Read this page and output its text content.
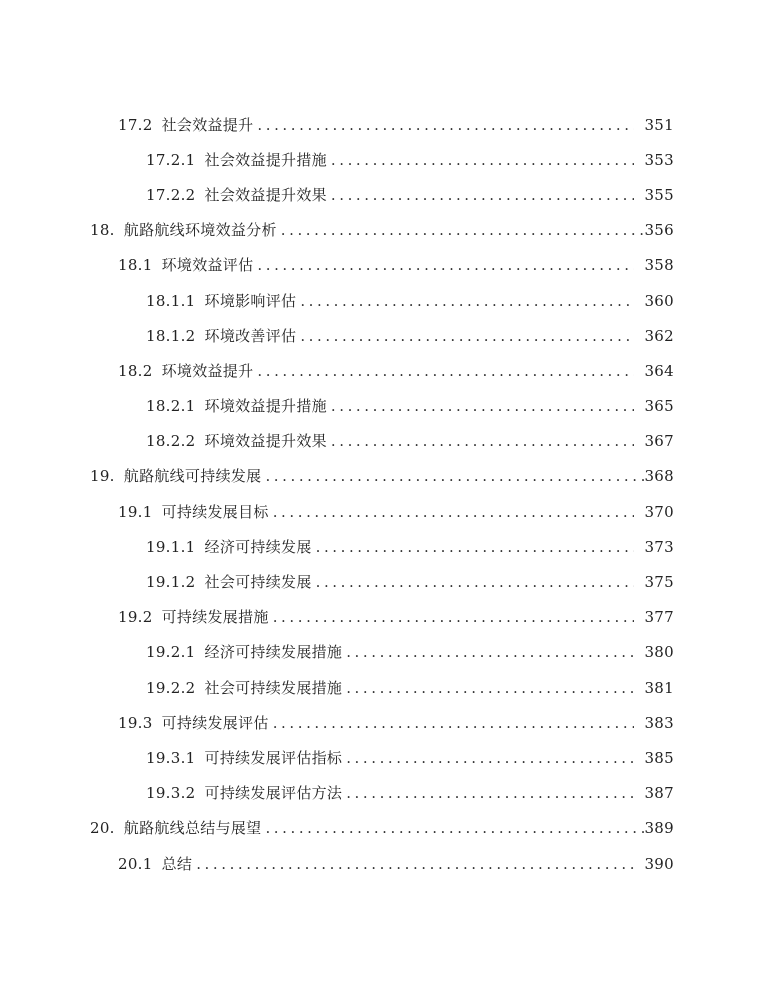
17.2 社会效益提升 . . .	351
17.2.1 社会效益提升措施 . . .	353
17.2.2 社会效益提升效果 . . .	355
18. 航路航线环境效益分析 . . .	356
18.1 环境效益评估 . . .	358
18.1.1 环境影响评估 . . .	360
18.1.2 环境改善评估 . . .	362
18.2 环境效益提升 . . .	364
18.2.1 环境效益提升措施 . . .	365
18.2.2 环境效益提升效果 . . .	367
19. 航路航线可持续发展 . . .	368
19.1 可持续发展目标 . . .	370
19.1.1 经济可持续发展 . . .	373
19.1.2 社会可持续发展 . . .	375
19.2 可持续发展措施 . . .	377
19.2.1 经济可持续发展措施 . . .	380
19.2.2 社会可持续发展措施 . . .	381
19.3 可持续发展评估 . . .	383
19.3.1 可持续发展评估指标 . . .	385
19.3.2 可持续发展评估方法 . . .	387
20. 航路航线总结与展望 . . .	389
20.1 总结 . . .	390
